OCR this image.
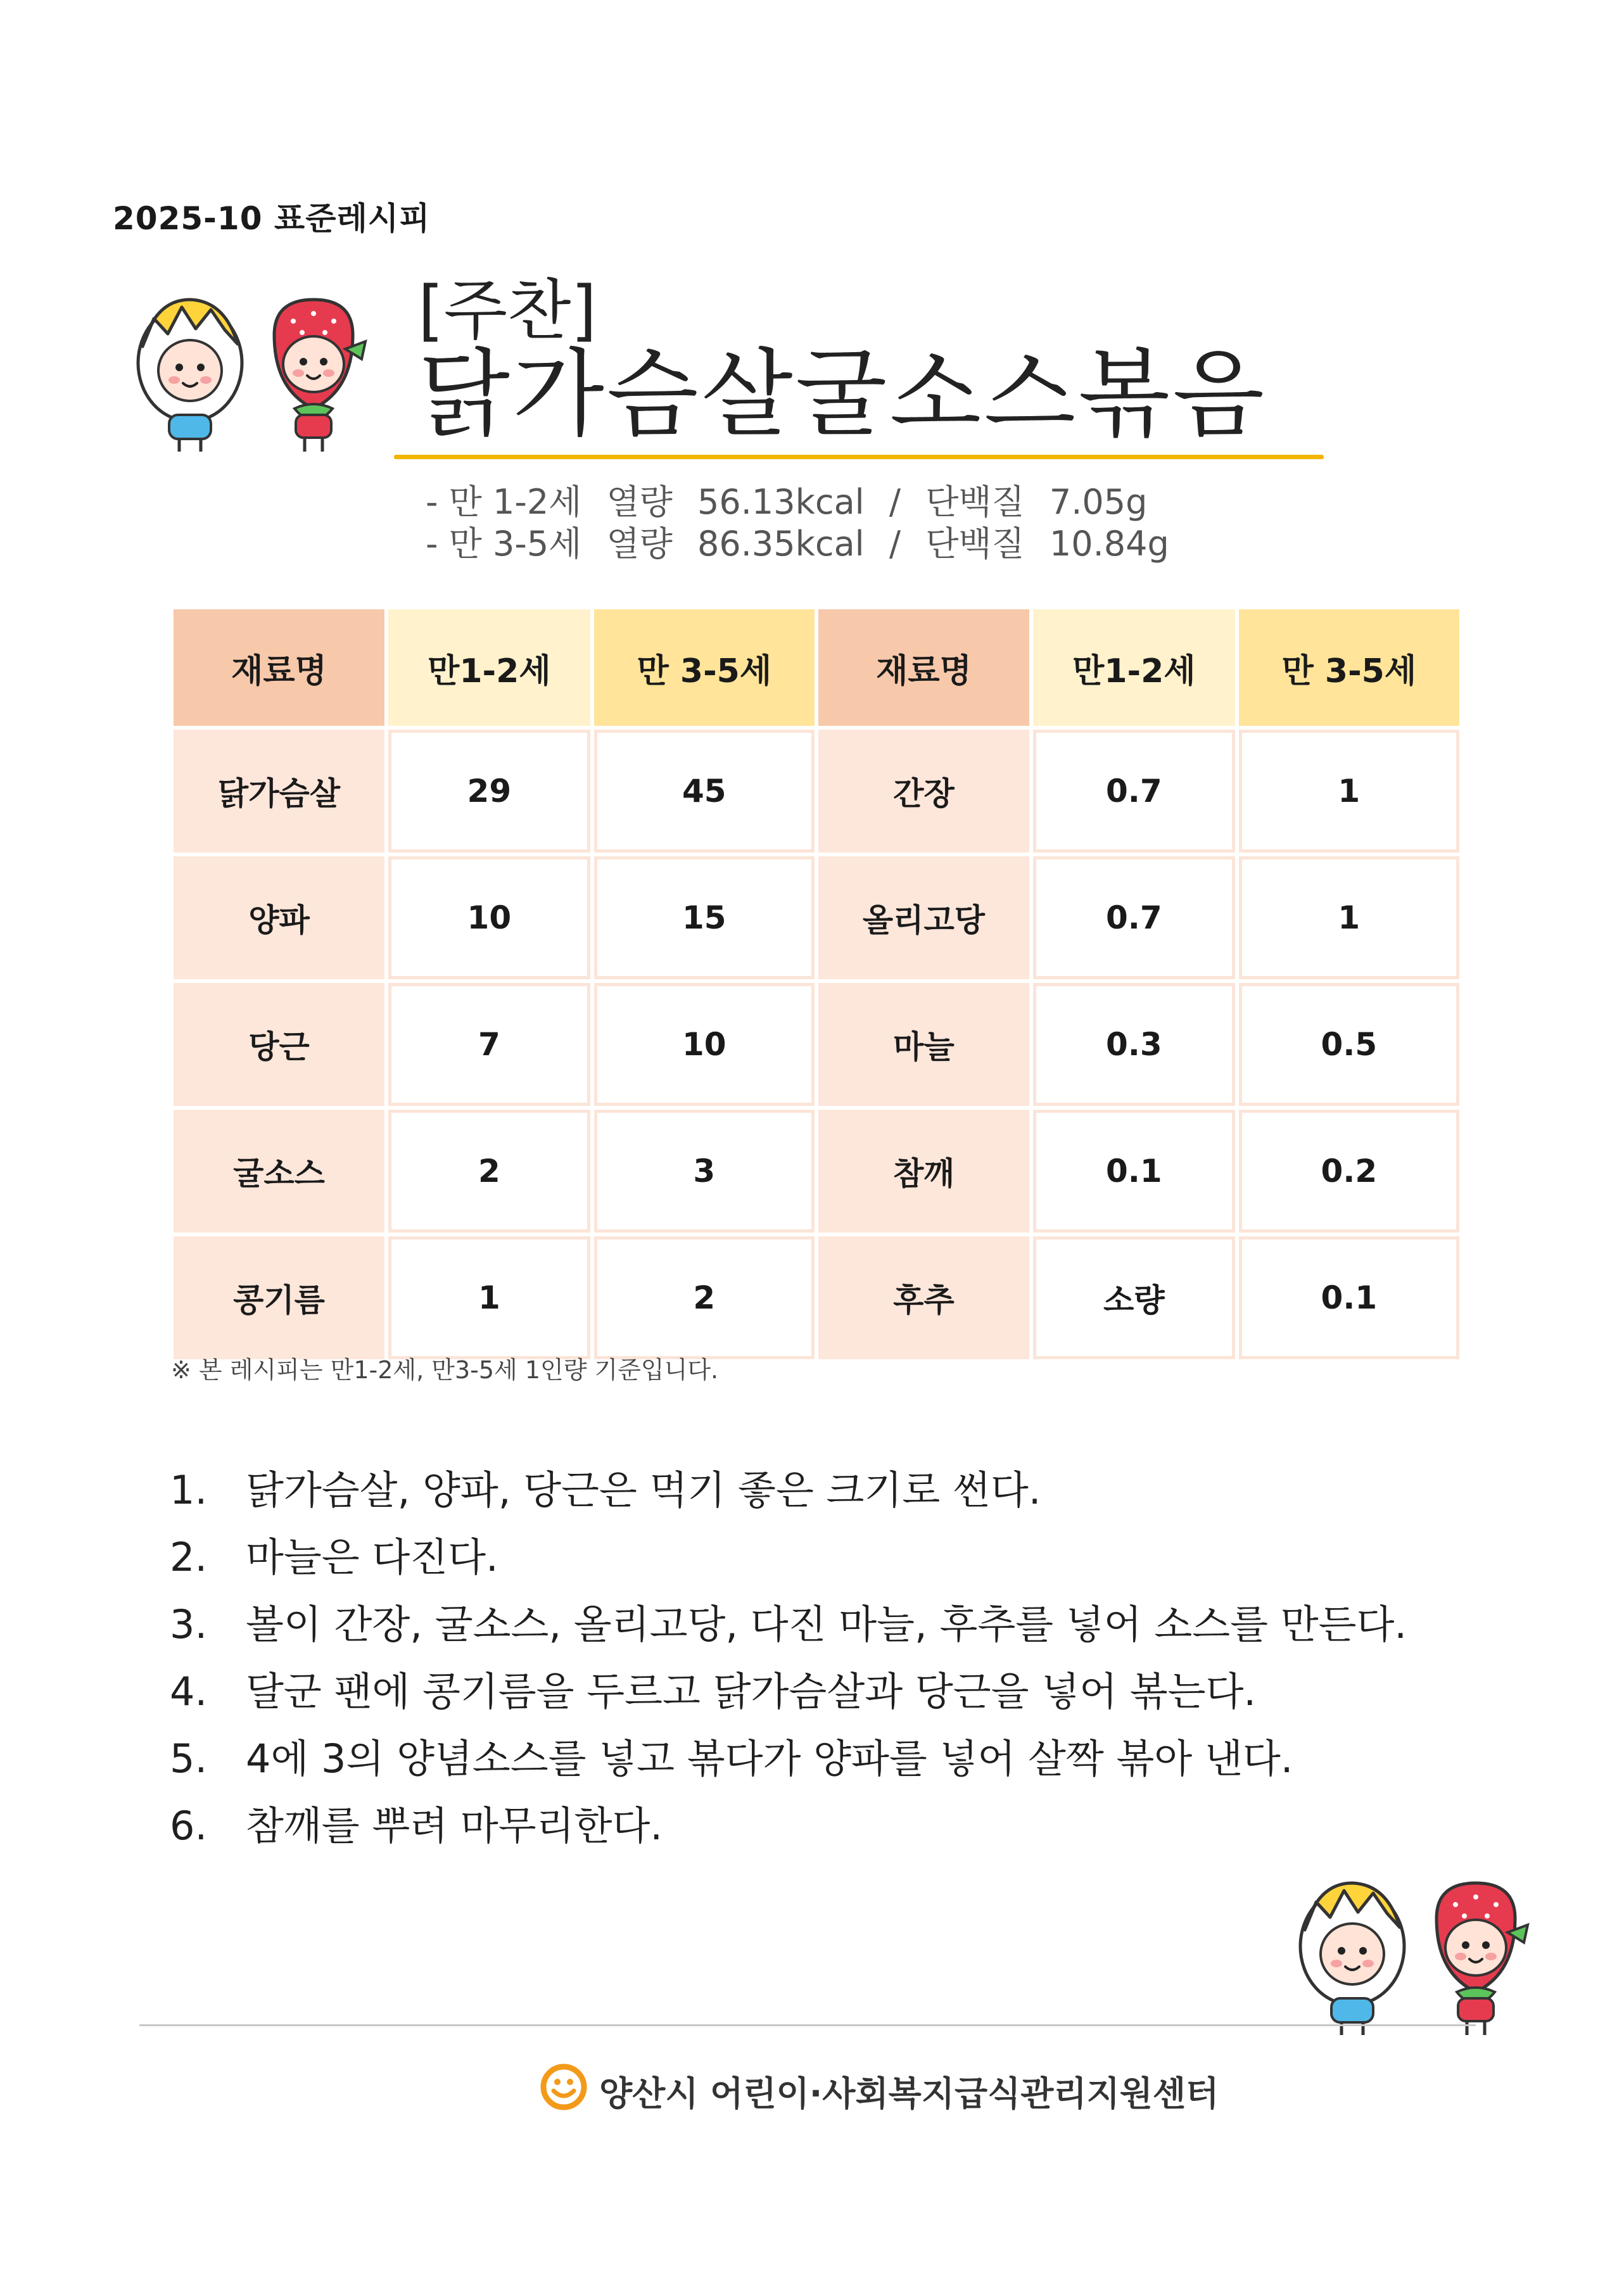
2025-10 표준레시피
[주찬]
닭가슴살굴소스볶음
- 만 1-2세 열량 56.13kcal / 단백질 7.05g
- 만 3-5세 열량 86.35kcal / 단백질 10.84g
재료명	만1-2세	만 3-5세	재료명	만1-2세	만 3-5세
닭가슴살	29	45	간장	0.7	1
양파	10	15	올리고당	0.7	1
당근	7	10	마늘	0.3	0.5
굴소스	2	3	참깨	0.1	0.2
콩기름	1	2	후추	소량	0.1
※ 본 레시피는 만1-2세, 만3-5세 1인량 기준입니다.
1. 닭가슴살, 양파, 당근은 먹기 좋은 크기로 썬다.
2. 마늘은 다진다.
3. 볼이 간장, 굴소스, 올리고당, 다진 마늘, 후추를 넣어 소스를 만든다.
4. 달군 팬에 콩기름을 두르고 닭가슴살과 당근을 넣어 볶는다.
5. 4에 3의 양념소스를 넣고 볶다가 양파를 넣어 살짝 볶아 낸다.
6. 참깨를 뿌려 마무리한다.
양산시 어린이·사회복지급식관리지원센터
